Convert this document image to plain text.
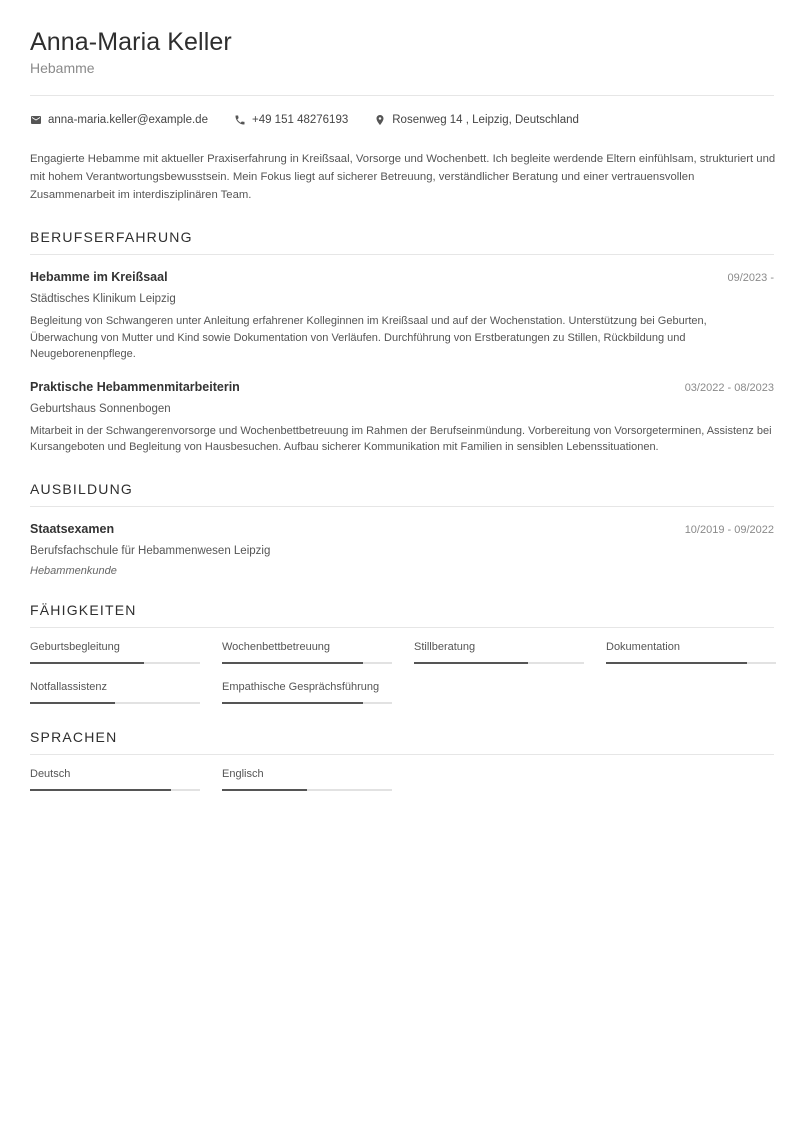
Anna-Maria Keller
Hebamme
anna-maria.keller@example.de	+49 151 48276193	Rosenweg 14 , Leipzig, Deutschland
Engagierte Hebamme mit aktueller Praxiserfahrung in Kreißsaal, Vorsorge und Wochenbett. Ich begleite werdende Eltern einfühlsam, strukturiert und mit hohem Verantwortungsbewusstsein. Mein Fokus liegt auf sicherer Betreuung, verständlicher Beratung und einer vertrauensvollen Zusammenarbeit im interdisziplinären Team.
BERUFSERFAHRUNG
Hebamme im Kreißsaal	09/2023 -
Städtisches Klinikum Leipzig
Begleitung von Schwangeren unter Anleitung erfahrener Kolleginnen im Kreißsaal und auf der Wochenstation. Unterstützung bei Geburten, Überwachung von Mutter und Kind sowie Dokumentation von Verläufen. Durchführung von Erstberatungen zu Stillen, Rückbildung und Neugeborenenpflege.
Praktische Hebammenmitarbeiterin	03/2022 - 08/2023
Geburtshaus Sonnenbogen
Mitarbeit in der Schwangerenvorsorge und Wochenbettbetreuung im Rahmen der Berufseinmündung. Vorbereitung von Vorsorgeterminen, Assistenz bei Kursangeboten und Begleitung von Hausbesuchen. Aufbau sicherer Kommunikation mit Familien in sensiblen Lebenssituationen.
AUSBILDUNG
Staatsexamen	10/2019 - 09/2022
Berufsfachschule für Hebammenwesen Leipzig
Hebammenkunde
FÄHIGKEITEN
Geburtsbegleitung	Wochenbettbetreuung	Stillberatung	Dokumentation
Notfallassistenz	Empathische Gesprächsführung
SPRACHEN
Deutsch	Englisch
